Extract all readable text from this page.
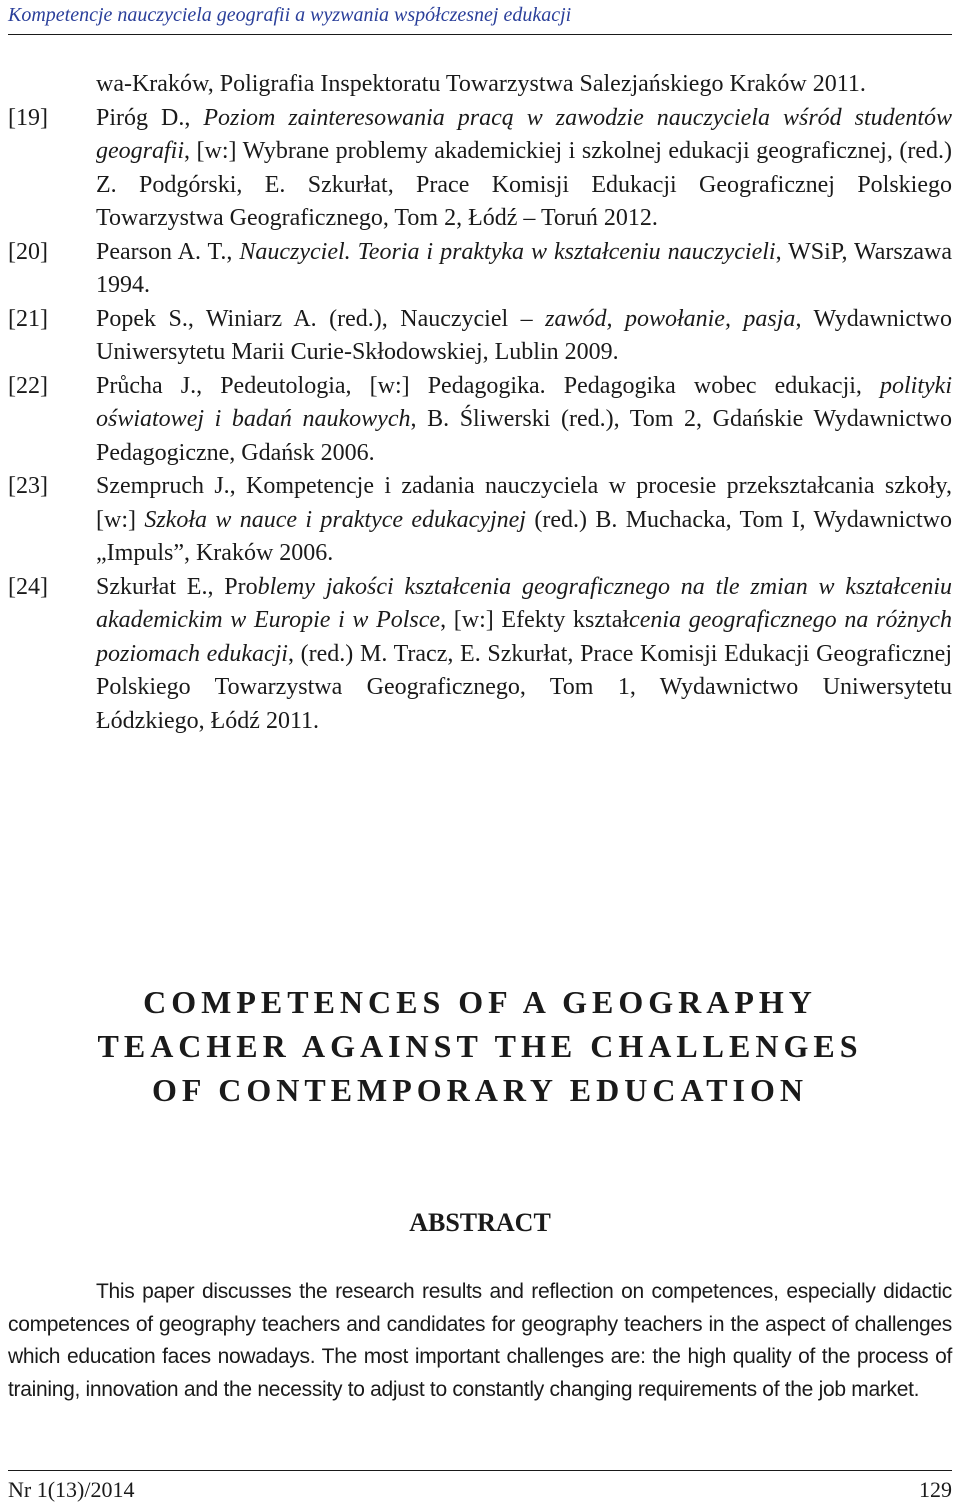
Kompetencje nauczyciela geografii a wyzwania współczesnej edukacji
wa-Kraków, Poligrafia Inspektoratu Towarzystwa Salezjańskiego Kraków 2011.
[19] Piróg D., Poziom zainteresowania pracą w zawodzie nauczyciela wśród studentów geografii, [w:] Wybrane problemy akademickiej i szkolnej edukacji geograficznej, (red.) Z. Podgórski, E. Szkurłat, Prace Komisji Edukacji Geograficznej Polskiego Towarzystwa Geograficznego, Tom 2, Łódź – Toruń 2012.
[20] Pearson A. T., Nauczyciel. Teoria i praktyka w kształceniu nauczycieli, WSiP, Warszawa 1994.
[21] Popek S., Winiarz A. (red.), Nauczyciel – zawód, powołanie, pasja, Wydawnictwo Uniwersytetu Marii Curie-Skłodowskiej, Lublin 2009.
[22] Průcha J., Pedeutologia, [w:] Pedagogika. Pedagogika wobec edukacji, polityki oświatowej i badań naukowych, B. Śliwerski (red.), Tom 2, Gdańskie Wydawnictwo Pedagogiczne, Gdańsk 2006.
[23] Szempruch J., Kompetencje i zadania nauczyciela w procesie przekształcania szkoły, [w:] Szkoła w nauce i praktyce edukacyjnej (red.) B. Muchacka, Tom I, Wydawnictwo „Impuls”, Kraków 2006.
[24] Szkurłat E., Problemy jakości kształcenia geograficznego na tle zmian w kształceniu akademickim w Europie i w Polsce, [w:] Efekty kształcenia geograficznego na różnych poziomach edukacji, (red.) M. Tracz, E. Szkurłat, Prace Komisji Edukacji Geograficznej Polskiego Towarzystwa Geograficznego, Tom 1, Wydawnictwo Uniwersytetu Łódzkiego, Łódź 2011.
COMPETENCES OF A GEOGRAPHY
TEACHER AGAINST THE CHALLENGES
OF CONTEMPORARY EDUCATION
ABSTRACT
This paper discusses the research results and reflection on competences, especially didactic competences of geography teachers and candidates for geography teachers in the aspect of challenges which education faces nowadays. The most important challenges are: the high quality of the process of training, innovation and the necessity to adjust to constantly changing requirements of the job market.
Nr 1(13)/2014	129
